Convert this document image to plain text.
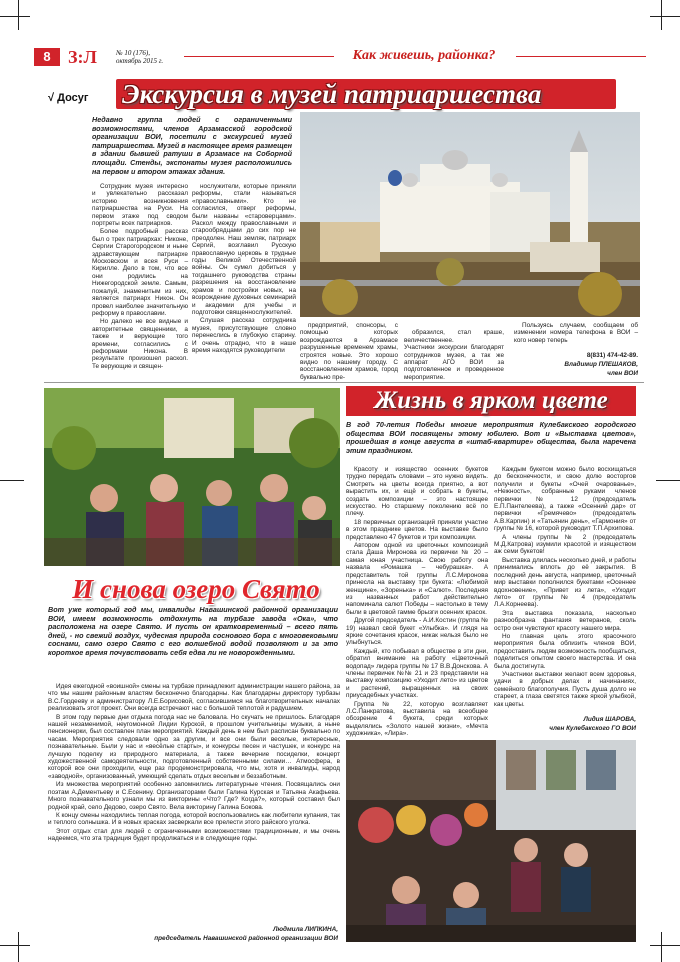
8 З:Л	№ 10 (176),
октябрь 2015 г.	Как живешь, районка?
√ Досуг Экскурсия в музей патриаршества
Недавно группа людей с ограниченными возможностями, членов Арзамасской городской организации ВОИ, посетили с экскурсией музей патриаршества. Музей в настоящее время размещен в здании бывшей ратуши в Арзамасе на Соборной площади. Стенды, экспонаты музея расположились на первом и втором этажах здания.

Сотрудник музея интересно и увлекательно рассказал историю возникновения патриаршества на Руси. На первом этаже под сводом портреты всех патриархов.

Более подробный рассказ был о трех патриархах: Никоне, Сергии Старогородском и ныне здравствующем патриархе Московском и всея Руси – Кирилле. Дело в том, что все они родились на Нижегородской земле. Самым, пожалуй, знаменитым из них, является патриарх Никон. Он провел наиболее значительную реформу в православии.

Но далеко не все видные и авторитетные священники, а также и верующие того времени, согласились с реформами Никона. В результате произошел раскол. Те верующие и священ-

нослужители, которые приняли реформы, стали называться «православными». Кто не согласился, отверг реформы, были названы «староверцами». Раскол между православными и старообрядцами до сих пор не преодолен. Наш земляк, патриарх Сергий, возглавил Русскую православную церковь в трудные годы Великой Отечественной войны. Он сумел добиться у тогдашнего руководства страны разрешения на восстановление храмов и постройки новых, на возрождение духовных семинарий и академии для учебы и подготовки священнослужителей.

Слушая рассказ сотрудника музея, присутствующие словно перенеслись в глубокую старину. И очень отрадно, что в наше время находятся руководители

предприятий, спонсоры, с помощью которых возрождаются в Арзамасе разрушенные временем храмы, строятся новые. Это хорошо видно по нашему городу. С восстановлением храмов, город буквально пре-

образился, стал краше, величественнее.
Участники экскурсии благодарят сотрудников музея, а так же аппарат АГО ВОИ за подготовленное и проведенное мероприятие.

Пользуясь случаем, сообщаем об изменении номера телефона в ВОИ – кого новер теперь

8(831) 474-42-89.
Владимир ПЛЕШАКОВ,
член ВОИ
И снова озеро Свято
Вот уже который год мы, инвалиды Навашинской районной организации ВОИ, имеем возможность отдохнуть на турбазе завода «Ока», что расположена на озере Свято. И пусть он кратковременный – всего пять дней, - но свежий воздух, чудесная природа соснового бора с многовековыми соснами, само озеро Свято с его волшебной водой позволяют и за это короткое время почувствовать себя едва ли не новорожденными.

Идея ежегодной «воишной» смены на турбазе принадлежит администрации нашего района, за что мы нашим районным властям бесконечно благодарны. Как благодарны директору турбазы В.С.Гордееву и администратору Л.Е.Борисовой, согласившимся на благотворительных началах реализовать этот проект. Они всегда встречают нас с большой теплотой и радушием.

В этом году первые дни отдыха погода нас не баловала. Но скучать не пришлось. Благодаря нашей незаменимой, неугомонной Лидии Курской, в прошлом учительницы музыки, а ныне пенсионерки, был составлен план мероприятий. Каждый день в нем был расписан буквально по часам. Мероприятия следовали одно за другим, и все они были веселые, интересные, познавательные. Были у нас и «весёлые старты», и конкурсы песен и частушек, и конкурс на лучшую поделку из природного материала, а также вечерние посиделки, концерт художественной самодеятельности, подготовленный собственными силами… Атмосфера, в которой все они проходили, еще раз продемонстрировала, что мы, хотя и инвалиды, народ «заводной», организованный, умеющий сделать отдых веселым и беззаботным.

Из множества мероприятий особенно запомнились литературные чтения. Посвящались они поэтам А.Дементьеву и С.Есенину. Организаторами были Галина Курская и Татьяна Акафьева. Много познавательного узнали мы из викторины «Что? Где? Когда?», который составил был родной край, село Дедово, озеро Свято. Вела викторину Галина Бокова.

К концу смены находились теплая погода, которой воспользовались как любители купания, так и теплого солнышка. И в новых красках засверкали все прелести этого райского уголка.

Этот отдых стал для людей с ограниченными возможностями традиционным, и мы очень надеемся, что эта традиция будет продолжаться и в следующие годы.

Людмила ЛИПКИНА,
председатель Навашинской районной организации ВОИ
Жизнь в ярком цвете
В год 70-летия Победы многие мероприятия Кулебакского городского общества ВОИ посвящены этому юбилею. Вот и «Выставка цветов», прошедшая в конце августа в «штаб-квартире» общества, была наречена этим праздником.

Красоту и изящество осенних букетов трудно передать словами – это нужно видеть. Смотреть на цветы всегда приятно, а вот вырастить их, и ещё и собрать в букеты, создать композиции – это настоящее искусство. Но старшему поколению всё по плечу.

18 первичных организаций приняли участие в этом празднике цветов. На выставке было представлено 47 букетов и три композиции.

Автором одной из цветочных композиций стала Даша Миронова из первички № 20 – самая юная участница. Свою работу она назвала «Ромашка – чебурашка». А представитель той группы Л.С.Миронова принесла на выставку три букета: «Любимой женщине», «Зоренька» и «Салют». Последняя из названных работ действительно напоминала салют Победы – настолько в тему были в цветовой гамме брызги осенних красок.

Другой председатель - А.И.Костин (группа № 19) назвал свой букет «Улыбка». И глядя на яркие сочетания красок, никак нельзя было не улыбнуться.

Каждый, кто побывал в обществе в эти дни, обратил внимание на работу «Цветочный водопад» лидера группы № 17 В.В.Донсковa. А члены первичек №№ 21 и 23 представили на выставку композицию «Уходит лето» из цветов и растений, выращенных на своих приусадебных участках.

Группа № 22, которую возглавляет Л.С.Панкратова, выставила на всеобщее обозрение 4 букета, среди которых выделялись «Золото нашей жизни», «Мечта художника», «Лира».

Каждым букетом можно было восхищаться до бесконечности, и свою долю восторгов получили и букеты «Очей очарованье», «Нежность», собранные руками членов первички № 12 (председатель Е.П.Пантелеева), а также «Осенний дар» от первички «Гремячево» (председатель А.В.Карпин) и «Татьянин день», «Гармония» от группы № 16, которой руководит Т.П.Архипова.

А члены группы № 2 (председатель М.Д.Катрова) изумили красотой и изяществом аж семи букетов!

Выставка длилась несколько дней, и работы принимались вплоть до её закрытия. В последний день августа, например, цветочный мир выставки пополнился букетами «Осеннее вдохновение», «Привет из лета», «Уходит лето» от группы № 4 (председатель Л.А.Корнеева).

Эта выставка показала, насколько разнообразна фантазия ветеранов, сколь остро они чувствуют красоту нашего мира.

Но главная цель этого красочного мероприятия была облизить членов ВОИ, предоставить людям возможность пообщаться, поделиться опытом своего мастерства. И она была достигнута.

Участники выставки желают всем здоровья, удачи в добрых делах и начинаниях, семейного благополучия. Пусть душа долго не стареет, а глаза светятся также яркой улыбкой, как цветы.

Лидия ШАРОВА,
член Кулебакского ГО ВОИ
